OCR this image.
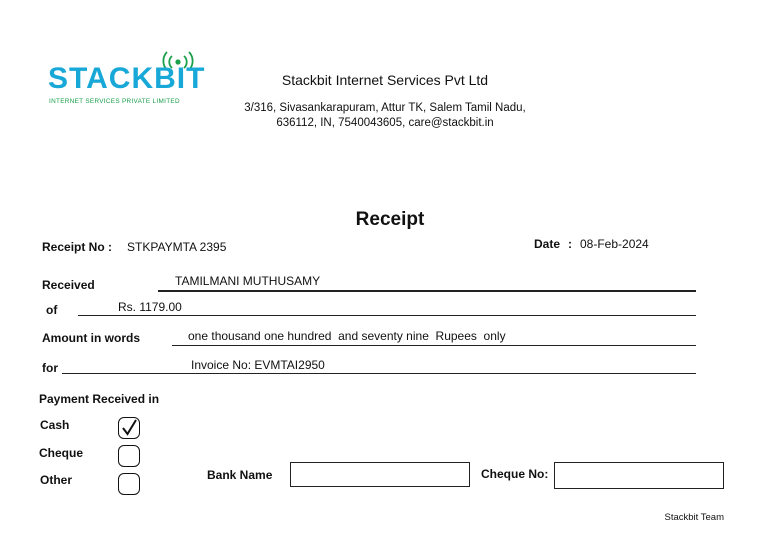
STACKBIT
INTERNET SERVICES PRIVATE LIMITED
Stackbit Internet Services Pvt Ltd
3/316, Sivasankarapuram, Attur TK, Salem Tamil Nadu,
636112, IN, 7540043605, care@stackbit.in
Receipt
Receipt No : STKPAYMTA 2395	Date : 08-Feb-2024
Received	TAMILMANI MUTHUSAMY
of	Rs. 1179.00
Amount in words	one thousand one hundred  and seventy nine  Rupees  only
for	Invoice No: EVMTAI2950
Payment Received in
Cash
Cheque
Other	Bank Name	Cheque No:
Stackbit Team
